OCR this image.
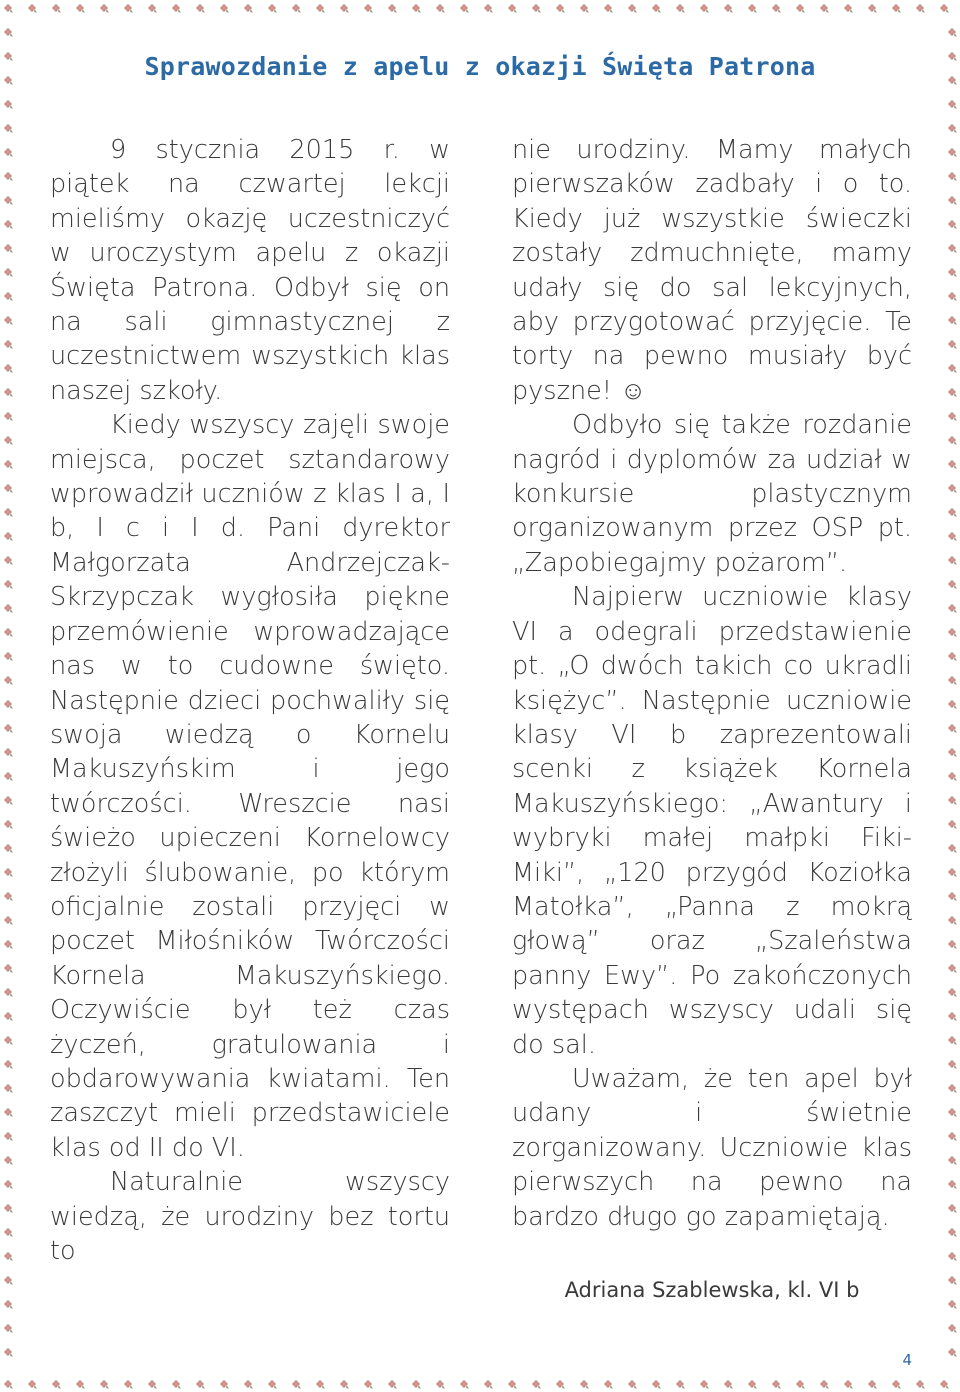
Sprawozdanie z apelu z okazji Święta Patrona

9 stycznia 2015 r. w piątek na czwartej lekcji mieliśmy okazję uczestniczyć w uroczystym apelu z okazji Święta Patrona. Odbył się on na sali gimnastycznej z uczestnictwem wszystkich klas naszej szkoły.

Kiedy wszyscy zajęli swoje miejsca, poczet sztandarowy wprowadził uczniów z klas I a, I b, I c i I d. Pani dyrektor Małgorzata Andrzejczak-Skrzypczak wygłosiła piękne przemówienie wprowadzające nas w to cudowne święto. Następnie dzieci pochwaliły się swoja wiedzą o Kornelu Makuszyńskim i jego twórczości. Wreszcie nasi świeżo upieczeni Kornelowcy złożyli ślubowanie, po którym oficjalnie zostali przyjęci w poczet Miłośników Twórczości Kornela Makuszyńskiego. Oczywiście był też czas życzeń, gratulowania i obdarowywania kwiatami. Ten zaszczyt mieli przedstawiciele klas od II do VI.

Naturalnie wszyscy wiedzą, że urodziny bez tortu to

nie urodziny. Mamy małych pierwszaków zadbały i o to. Kiedy już wszystkie świeczki zostały zdmuchnięte, mamy udały się do sal lekcyjnych, aby przygotować przyjęcie. Te torty na pewno musiały być pyszne! ☺

Odbyło się także rozdanie nagród i dyplomów za udział w konkursie plastycznym organizowanym przez OSP pt. „Zapobiegajmy pożarom”.

Najpierw uczniowie klasy VI a odegrali przedstawienie pt. „O dwóch takich co ukradli księżyc”. Następnie uczniowie klasy VI b zaprezentowali scenki z książek Kornela Makuszyńskiego: „Awantury i wybryki małej małpki Fiki-Miki”, „120 przygód Koziołka Matołka”, „Panna z mokrą głową” oraz „Szaleństwa panny Ewy”. Po zakończonych występach wszyscy udali się do sal.

Uważam, że ten apel był udany i świetnie zorganizowany. Uczniowie klas pierwszych na pewno na bardzo długo go zapamiętają.

Adriana Szablewska, kl. VI b
4
